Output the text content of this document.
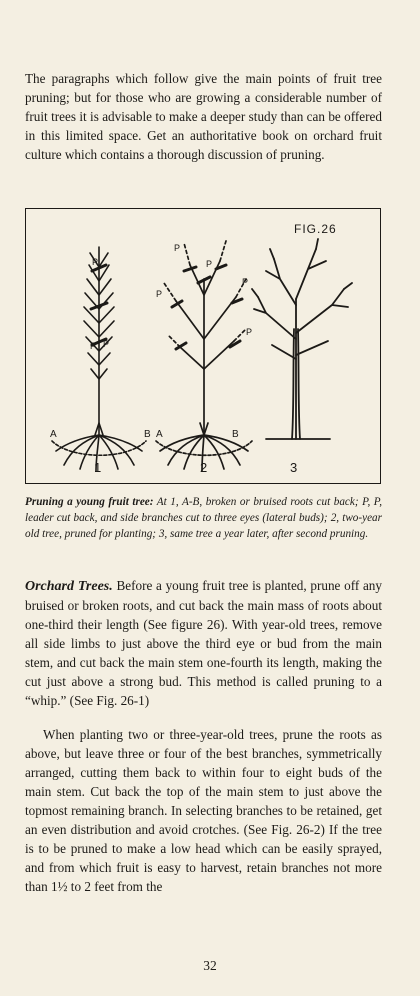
The paragraphs which follow give the main points of fruit tree pruning; but for those who are growing a considerable number of fruit trees it is advisable to make a deeper study than can be offered in this limited space. Get an authoritative book on orchard fruit culture which contains a thorough discussion of pruning.

FIG.26
P
P P
A	B
P
P
P
P
P
A	B
1	2	3

Pruning a young fruit tree: At 1, A-B, broken or bruised roots cut back; P, P, leader cut back, and side branches cut to three eyes (lateral buds); 2, two-year old tree, pruned for planting; 3, same tree a year later, after second pruning.

Orchard Trees. Before a young fruit tree is planted, prune off any bruised or broken roots, and cut back the main mass of roots about one-third their length (See figure 26). With year-old trees, remove all side limbs to just above the third eye or bud from the main stem, and cut back the main stem one-fourth its length, making the cut just above a strong bud. This method is called pruning to a “whip.” (See Fig. 26-1)

When planting two or three-year-old trees, prune the roots as above, but leave three or four of the best branches, symmetrically arranged, cutting them back to within four to eight buds of the main stem. Cut back the top of the main stem to just above the topmost remaining branch. In selecting branches to be retained, get an even distribution and avoid crotches. (See Fig. 26-2) If the tree is to be pruned to make a low head which can be easily sprayed, and from which fruit is easy to harvest, retain branches not more than 1½ to 2 feet from the

32
